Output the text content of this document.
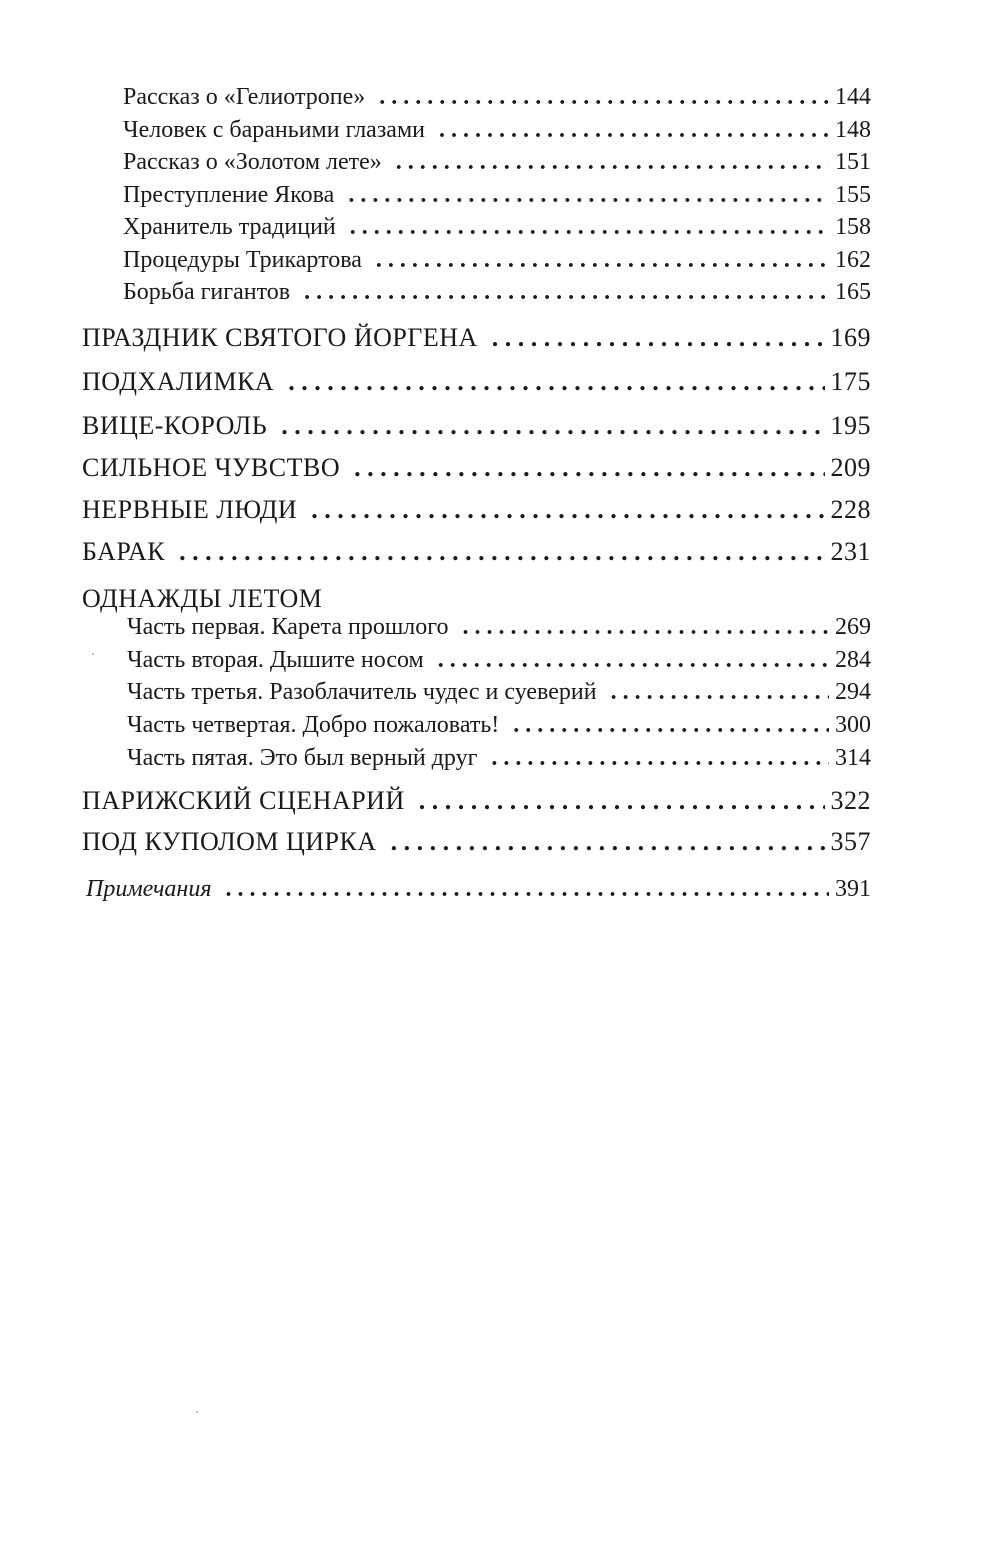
Рассказ о «Гелиотропе» . . .	144
Человек с бараньими глазами . . .	148
Рассказ о «Золотом лете» . . .	151
Преступление Якова . . .	155
Хранитель традиций . . .	158
Процедуры Трикартова . . .	162
Борьба гигантов . . .	165
ПРАЗДНИК СВЯТОГО ЙОРГЕНА . . .	169
ПОДХАЛИМКА . . .	175
ВИЦЕ-КОРОЛЬ . . .	195
СИЛЬНОЕ ЧУВСТВО . . .	209
НЕРВНЫЕ ЛЮДИ . . .	228
БАРАК . . .	231
ОДНАЖДЫ ЛЕТОМ
Часть первая. Карета прошлого . . .	269
Часть вторая. Дышите носом . . .	284
Часть третья. Разоблачитель чудес и суеверий . . .	294
Часть четвертая. Добро пожаловать! . . .	300
Часть пятая. Это был верный друг . . .	314
ПАРИЖСКИЙ СЦЕНАРИЙ . . .	322
ПОД КУПОЛОМ ЦИРКА . . .	357
Примечания . . .	391
